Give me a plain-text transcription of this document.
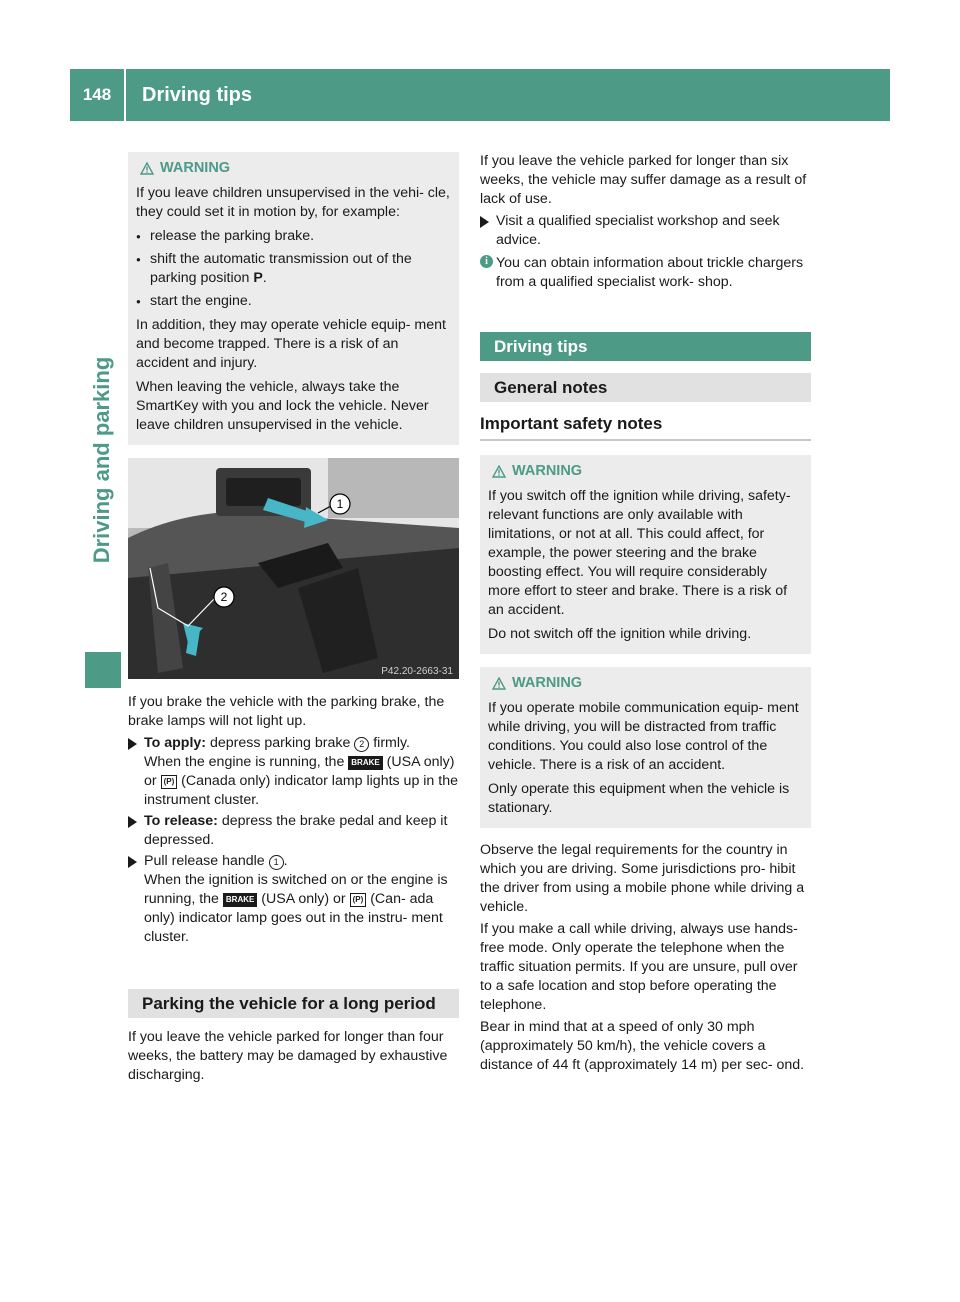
148	Driving tips
Driving and parking
WARNING

If you leave children unsupervised in the vehi- cle, they could set it in motion by, for example:

● release the parking brake.
● shift the automatic transmission out of the parking position P.
● start the engine.

In addition, they may operate vehicle equip- ment and become trapped. There is a risk of an accident and injury.

When leaving the vehicle, always take the SmartKey with you and lock the vehicle. Never leave children unsupervised in the vehicle.

1
2
P42.20-2663-31

If you brake the vehicle with the parking brake, the brake lamps will not light up.

To apply: depress parking brake 2 firmly.

When the engine is running, the BRAKE (USA only) or (P) (Canada only) indicator lamp lights up in the instrument cluster.

To release: depress the brake pedal and keep it depressed.

Pull release handle 1 .

When the ignition is switched on or the engine is running, the BRAKE (USA only) or (P) (Can- ada only) indicator lamp goes out in the instru- ment cluster.

Parking the vehicle for a long period

If you leave the vehicle parked for longer than four weeks, the battery may be damaged by exhaustive discharging.

If you leave the vehicle parked for longer than six weeks, the vehicle may suffer damage as a result of lack of use.

Visit a qualified specialist workshop and seek advice.

i You can obtain information about trickle chargers from a qualified specialist work- shop.

Driving tips
General notes
Important safety notes
WARNING

If you switch off the ignition while driving, safety-relevant functions are only available with limitations, or not at all. This could affect, for example, the power steering and the brake boosting effect. You will require considerably more effort to steer and brake. There is a risk of an accident.

Do not switch off the ignition while driving.

WARNING

If you operate mobile communication equip- ment while driving, you will be distracted from traffic conditions. You could also lose control of the vehicle. There is a risk of an accident.

Only operate this equipment when the vehicle is stationary.

Observe the legal requirements for the country in which you are driving. Some jurisdictions pro- hibit the driver from using a mobile phone while driving a vehicle.

If you make a call while driving, always use hands-free mode. Only operate the telephone when the traffic situation permits. If you are unsure, pull over to a safe location and stop before operating the telephone.

Bear in mind that at a speed of only 30 mph (approximately 50 km/h), the vehicle covers a distance of 44 ft (approximately 14 m) per sec- ond.
